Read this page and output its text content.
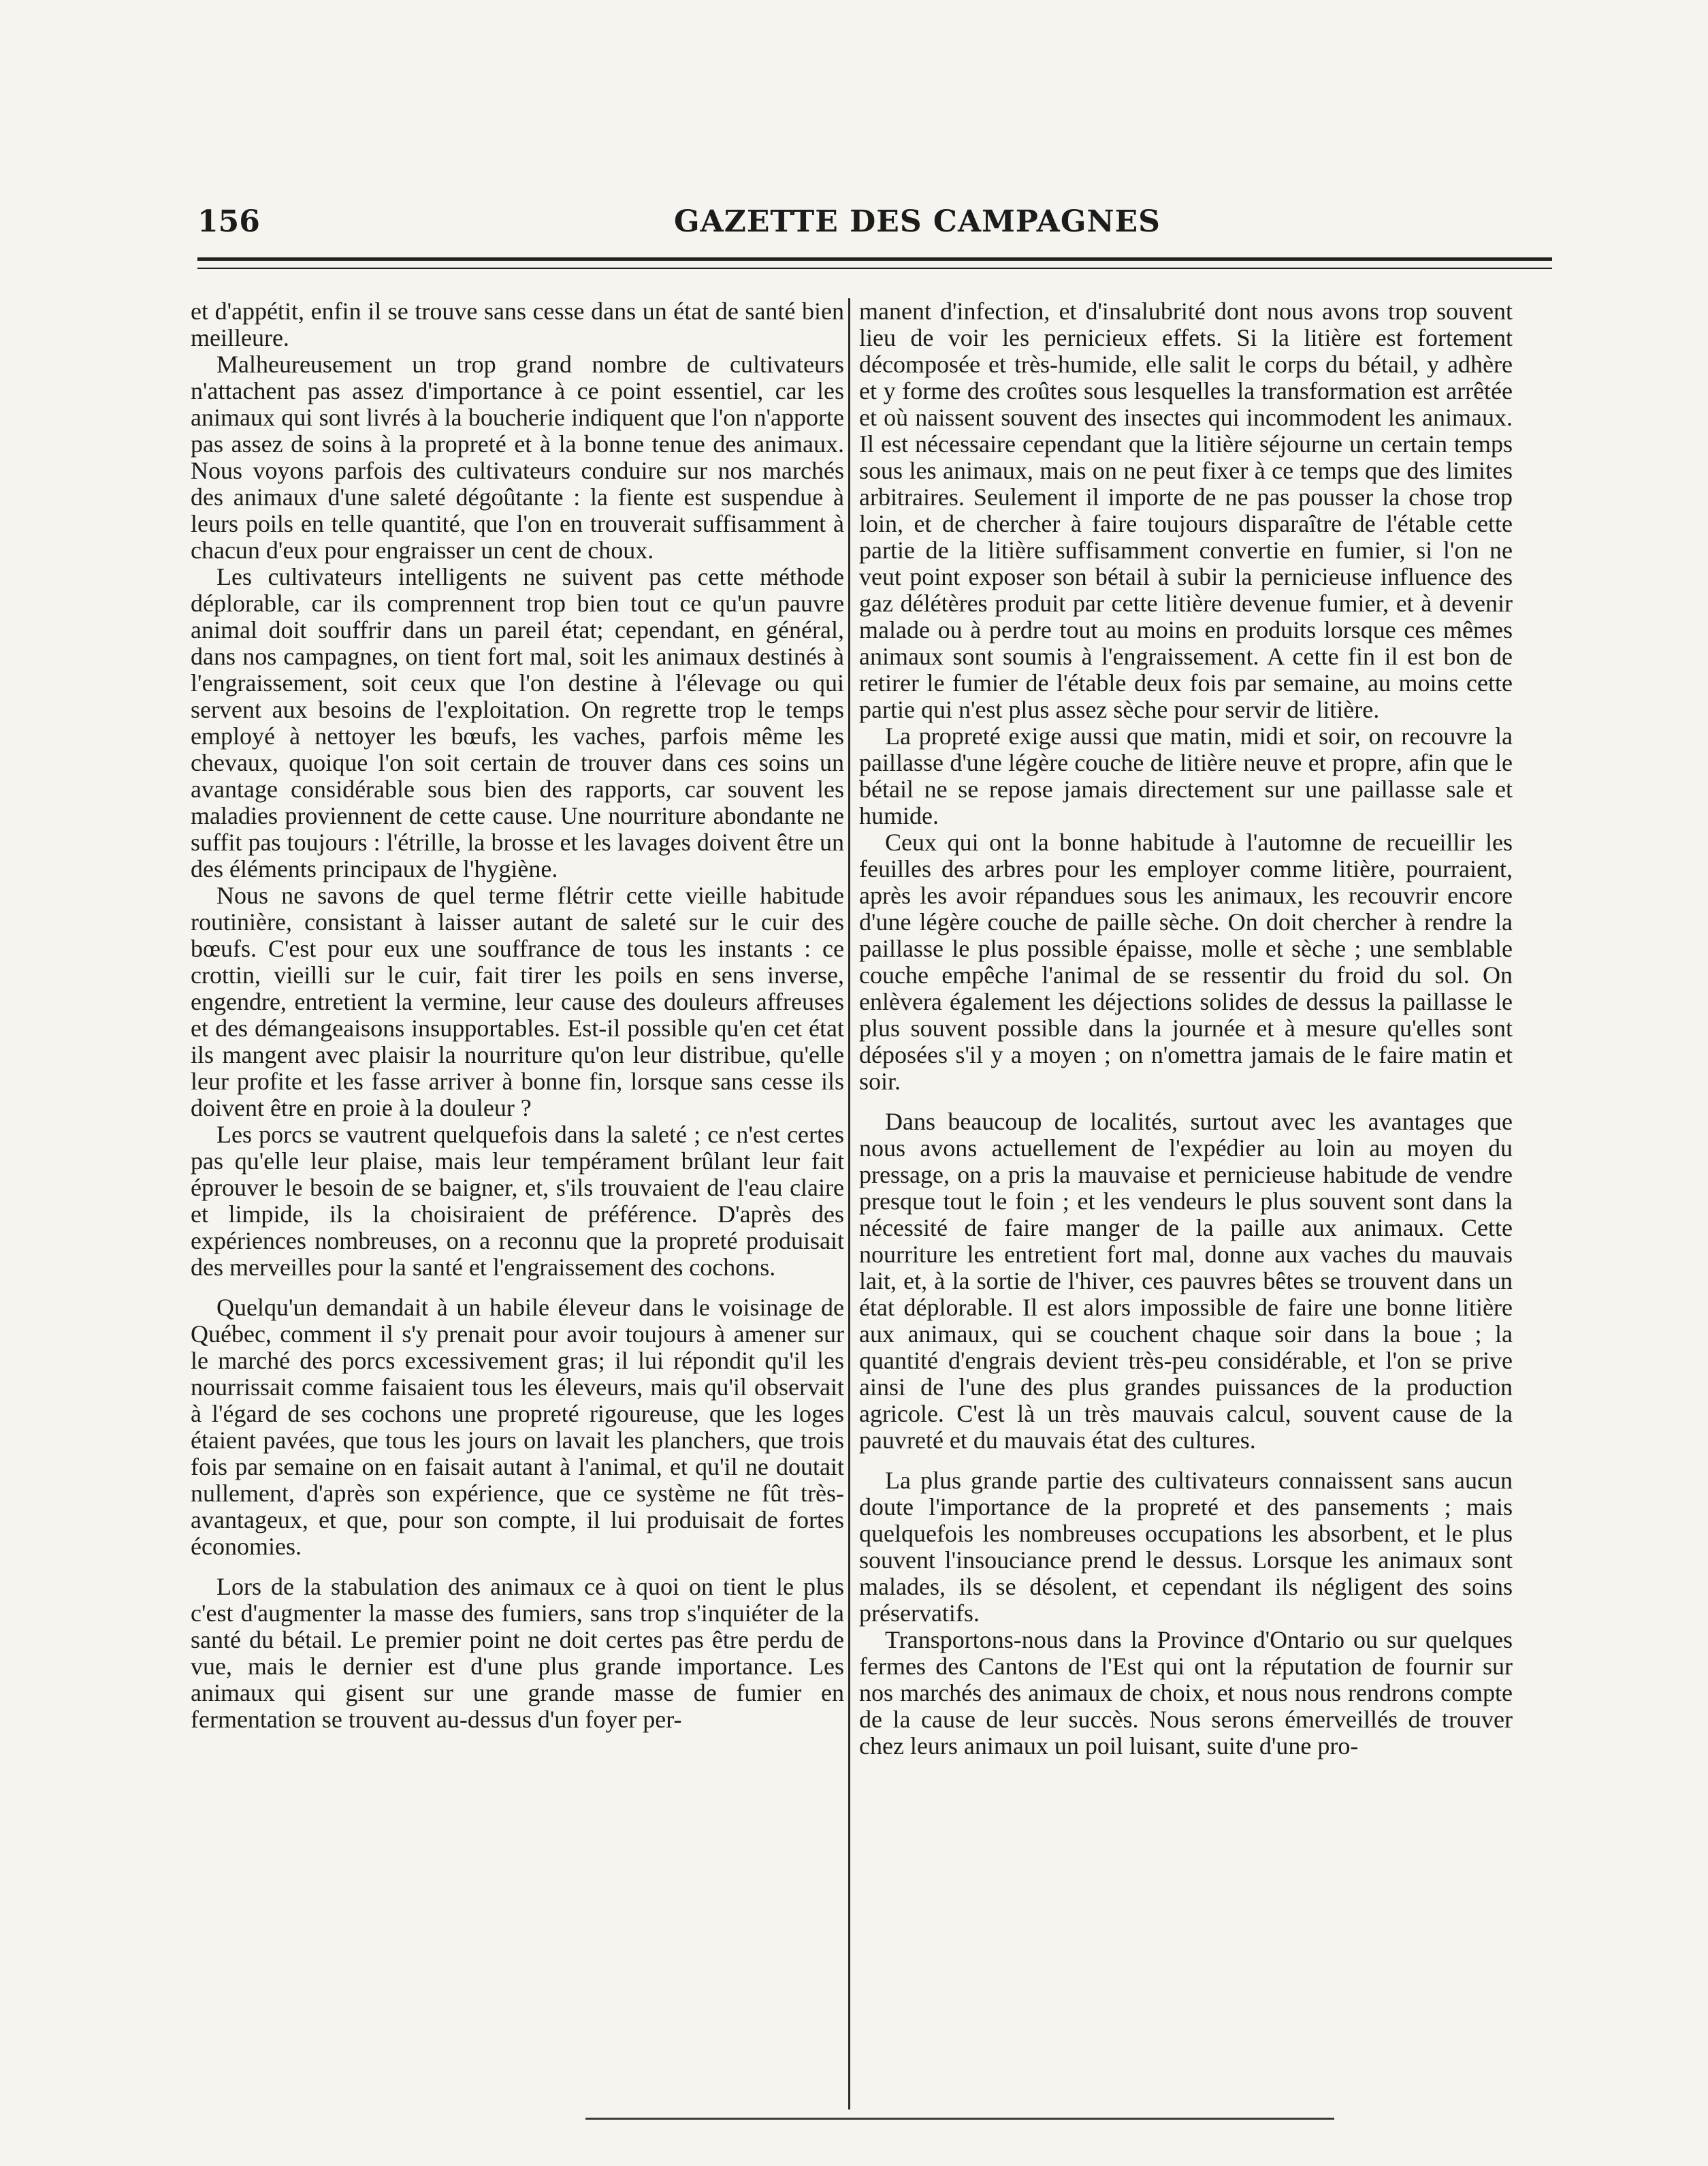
156	GAZETTE DES CAMPAGNES

et d'appétit, enfin il se trouve sans cesse dans un état de santé bien meilleure.

Malheureusement un trop grand nombre de cultivateurs n'attachent pas assez d'importance à ce point essentiel, car les animaux qui sont livrés à la boucherie indiquent que l'on n'apporte pas assez de soins à la propreté et à la bonne tenue des animaux. Nous voyons parfois des cultivateurs conduire sur nos marchés des animaux d'une saleté dégoûtante : la fiente est suspendue à leurs poils en telle quantité, que l'on en trouverait suffisamment à chacun d'eux pour engraisser un cent de choux.

Les cultivateurs intelligents ne suivent pas cette méthode déplorable, car ils comprennent trop bien tout ce qu'un pauvre animal doit souffrir dans un pareil état; cependant, en général, dans nos campagnes, on tient fort mal, soit les animaux destinés à l'engraissement, soit ceux que l'on destine à l'élevage ou qui servent aux besoins de l'exploitation. On regrette trop le temps employé à nettoyer les bœufs, les vaches, parfois même les chevaux, quoique l'on soit certain de trouver dans ces soins un avantage considérable sous bien des rapports, car souvent les maladies proviennent de cette cause. Une nourriture abondante ne suffit pas toujours : l'étrille, la brosse et les lavages doivent être un des éléments principaux de l'hygiène.

Nous ne savons de quel terme flétrir cette vieille habitude routinière, consistant à laisser autant de saleté sur le cuir des bœufs. C'est pour eux une souffrance de tous les instants : ce crottin, vieilli sur le cuir, fait tirer les poils en sens inverse, engendre, entretient la vermine, leur cause des douleurs affreuses et des démangeaisons insupportables. Est-il possible qu'en cet état ils mangent avec plaisir la nourriture qu'on leur distribue, qu'elle leur profite et les fasse arriver à bonne fin, lorsque sans cesse ils doivent être en proie à la douleur ?

Les porcs se vautrent quelquefois dans la saleté ; ce n'est certes pas qu'elle leur plaise, mais leur tempérament brûlant leur fait éprouver le besoin de se baigner, et, s'ils trouvaient de l'eau claire et limpide, ils la choisiraient de préférence. D'après des expériences nombreuses, on a reconnu que la propreté produisait des merveilles pour la santé et l'engraissement des cochons.

Quelqu'un demandait à un habile éleveur dans le voisinage de Québec, comment il s'y prenait pour avoir toujours à amener sur le marché des porcs excessivement gras; il lui répondit qu'il les nourrissait comme faisaient tous les éleveurs, mais qu'il observait à l'égard de ses cochons une propreté rigoureuse, que les loges étaient pavées, que tous les jours on lavait les planchers, que trois fois par semaine on en faisait autant à l'animal, et qu'il ne doutait nullement, d'après son expérience, que ce système ne fût très-avantageux, et que, pour son compte, il lui produisait de fortes économies.

Lors de la stabulation des animaux ce à quoi on tient le plus c'est d'augmenter la masse des fumiers, sans trop s'inquiéter de la santé du bétail. Le premier point ne doit certes pas être perdu de vue, mais le dernier est d'une plus grande importance. Les animaux qui gisent sur une grande masse de fumier en fermentation se trouvent au-dessus d'un foyer per-

manent d'infection, et d'insalubrité dont nous avons trop souvent lieu de voir les pernicieux effets. Si la litière est fortement décomposée et très-humide, elle salit le corps du bétail, y adhère et y forme des croûtes sous lesquelles la transformation est arrêtée et où naissent souvent des insectes qui incommodent les animaux. Il est nécessaire cependant que la litière séjourne un certain temps sous les animaux, mais on ne peut fixer à ce temps que des limites arbitraires. Seulement il importe de ne pas pousser la chose trop loin, et de chercher à faire toujours disparaître de l'étable cette partie de la litière suffisamment convertie en fumier, si l'on ne veut point exposer son bétail à subir la pernicieuse influence des gaz délétères produit par cette litière devenue fumier, et à devenir malade ou à perdre tout au moins en produits lorsque ces mêmes animaux sont soumis à l'engraissement. A cette fin il est bon de retirer le fumier de l'étable deux fois par semaine, au moins cette partie qui n'est plus assez sèche pour servir de litière.

La propreté exige aussi que matin, midi et soir, on recouvre la paillasse d'une légère couche de litière neuve et propre, afin que le bétail ne se repose jamais directement sur une paillasse sale et humide.

Ceux qui ont la bonne habitude à l'automne de recueillir les feuilles des arbres pour les employer comme litière, pourraient, après les avoir répandues sous les animaux, les recouvrir encore d'une légère couche de paille sèche. On doit chercher à rendre la paillasse le plus possible épaisse, molle et sèche ; une semblable couche empêche l'animal de se ressentir du froid du sol. On enlèvera également les déjections solides de dessus la paillasse le plus souvent possible dans la journée et à mesure qu'elles sont déposées s'il y a moyen ; on n'omettra jamais de le faire matin et soir.

Dans beaucoup de localités, surtout avec les avantages que nous avons actuellement de l'expédier au loin au moyen du pressage, on a pris la mauvaise et pernicieuse habitude de vendre presque tout le foin ; et les vendeurs le plus souvent sont dans la nécessité de faire manger de la paille aux animaux. Cette nourriture les entretient fort mal, donne aux vaches du mauvais lait, et, à la sortie de l'hiver, ces pauvres bêtes se trouvent dans un état déplorable. Il est alors impossible de faire une bonne litière aux animaux, qui se couchent chaque soir dans la boue ; la quantité d'engrais devient très-peu considérable, et l'on se prive ainsi de l'une des plus grandes puissances de la production agricole. C'est là un très mauvais calcul, souvent cause de la pauvreté et du mauvais état des cultures.

La plus grande partie des cultivateurs connaissent sans aucun doute l'importance de la propreté et des pansements ; mais quelquefois les nombreuses occupations les absorbent, et le plus souvent l'insouciance prend le dessus. Lorsque les animaux sont malades, ils se désolent, et cependant ils négligent des soins préservatifs.

Transportons-nous dans la Province d'Ontario ou sur quelques fermes des Cantons de l'Est qui ont la réputation de fournir sur nos marchés des animaux de choix, et nous nous rendrons compte de la cause de leur succès. Nous serons émerveillés de trouver chez leurs animaux un poil luisant, suite d'une pro-
